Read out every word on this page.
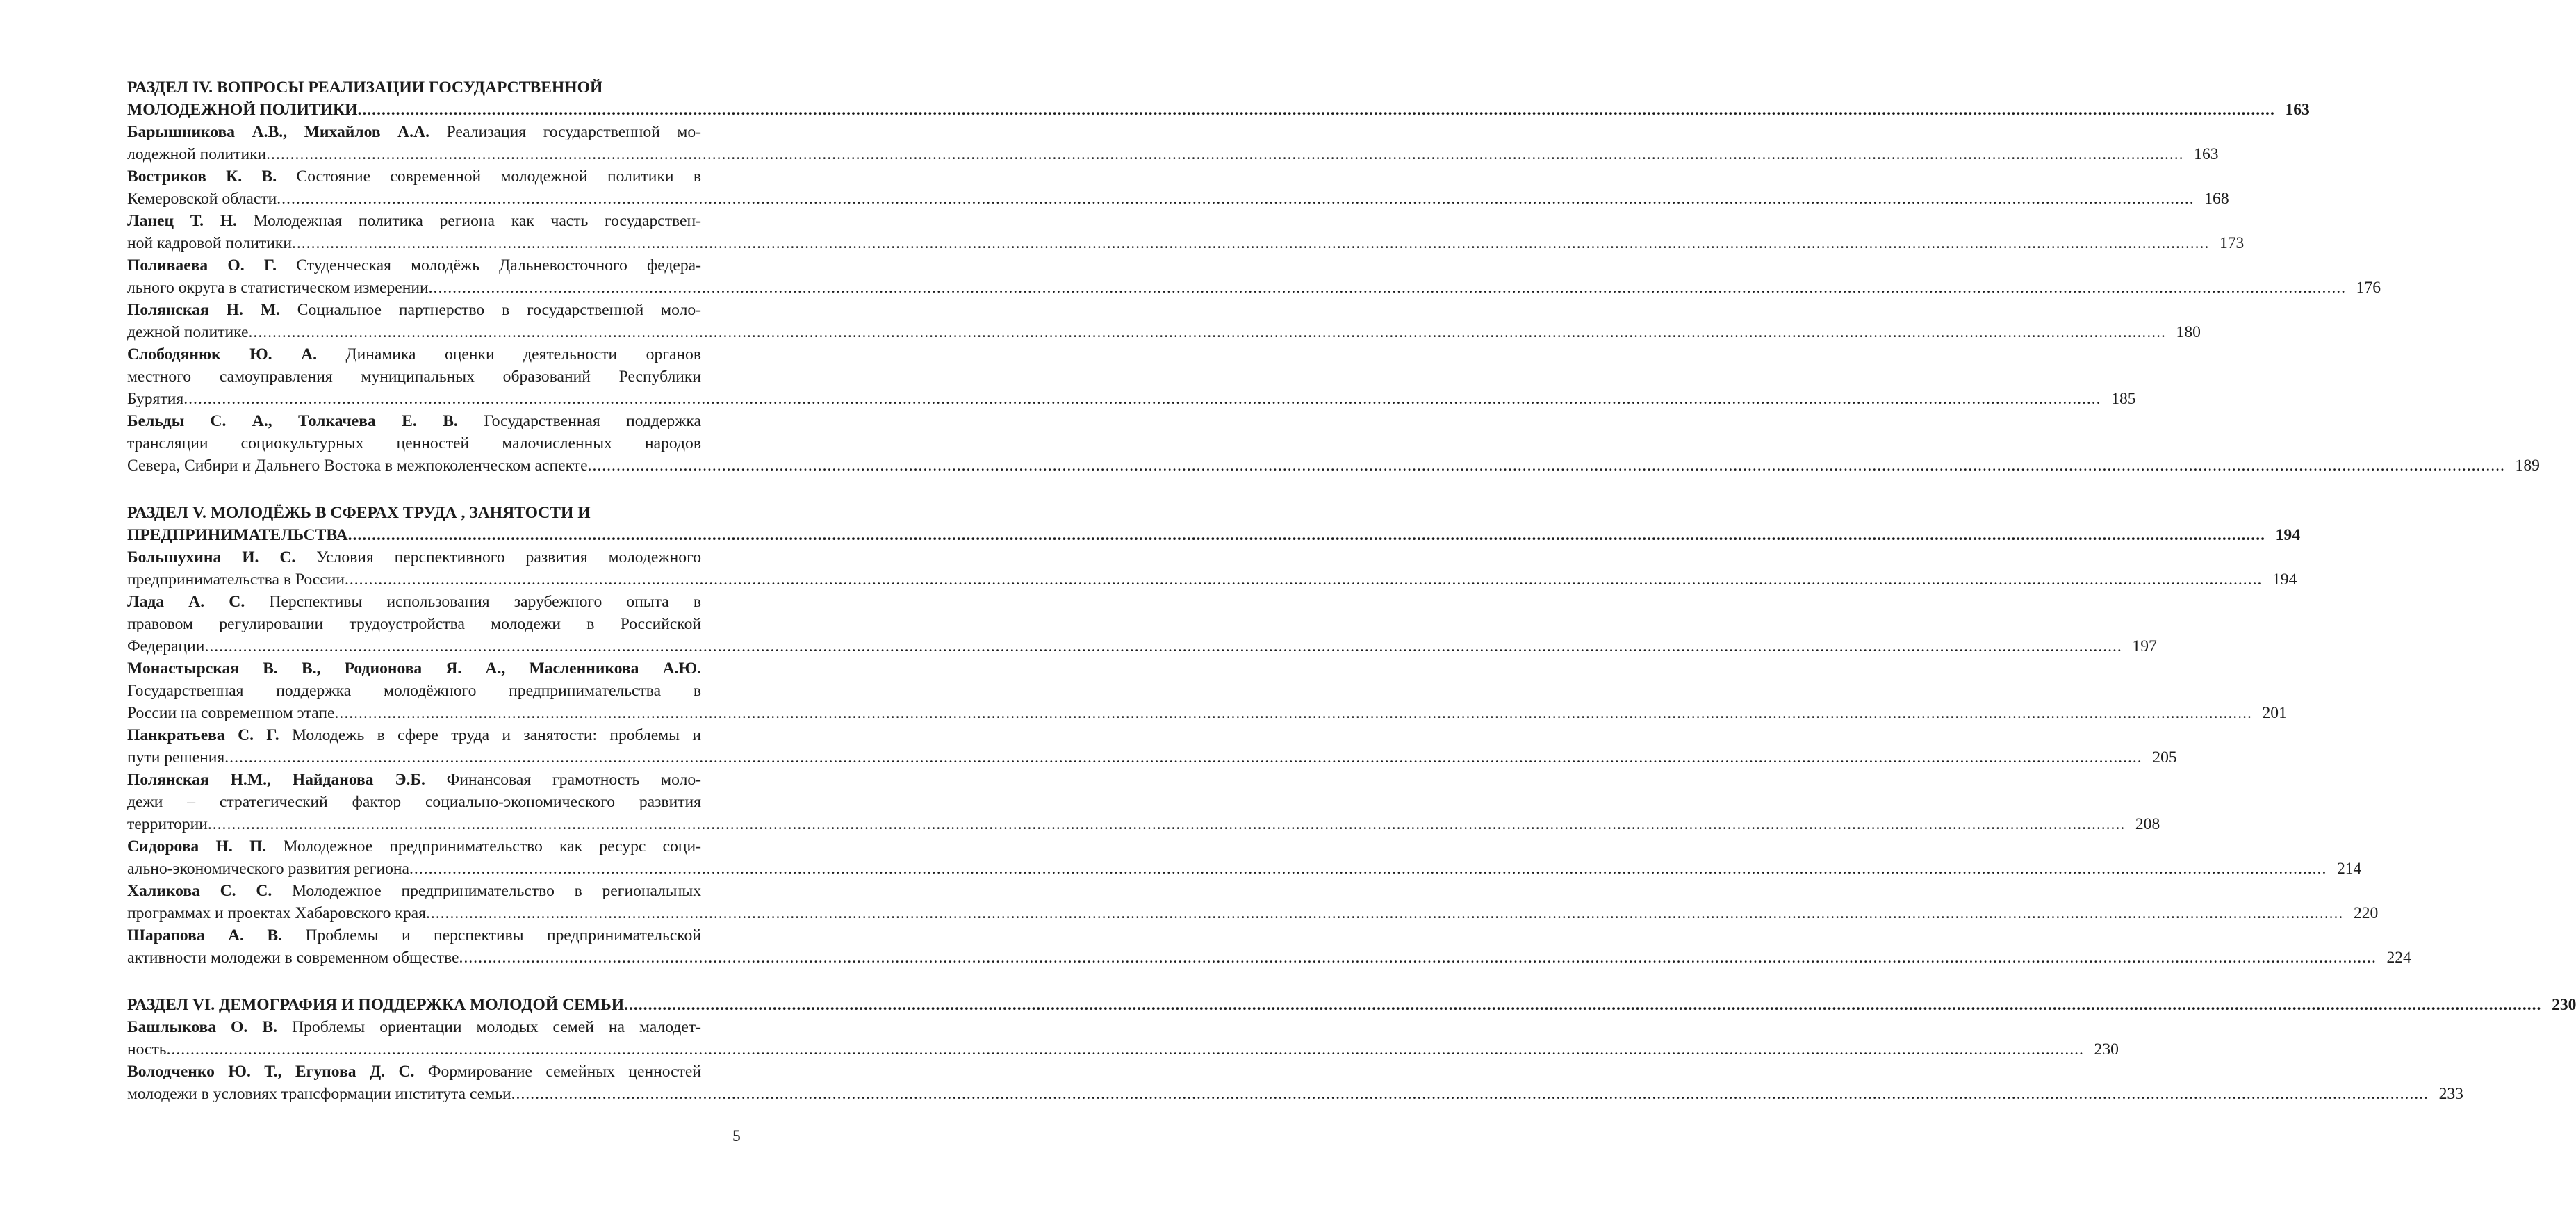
РАЗДЕЛ IV. ВОПРОСЫ РЕАЛИЗАЦИИ ГОСУДАРСТВЕННОЙ
МОЛОДЕЖНОЙ ПОЛИТИКИ ................................................................................................................................................................................................................................................................................................................................................................................................................ 163
Барышникова А.В., Михайлов А.А. Реализация государственной мо-
лодежной политики ................................................................................................................................................................................................................................................................................................................................................................................................................ 163
Востриков К. В. Состояние современной молодежной политики в
Кемеровской области ................................................................................................................................................................................................................................................................................................................................................................................................................ 168
Ланец Т. Н. Молодежная политика региона как часть государствен-
ной кадровой политики ................................................................................................................................................................................................................................................................................................................................................................................................................ 173
Поливаева О. Г. Студенческая молодёжь Дальневосточного федера-
льного округа в статистическом измерении ................................................................................................................................................................................................................................................................................................................................................................................................................ 176
Полянская Н. М. Социальное партнерство в государственной моло-
дежной политике ................................................................................................................................................................................................................................................................................................................................................................................................................ 180
Слободянюк Ю. А. Динамика оценки деятельности органов
местного самоуправления муниципальных образований Республики
Бурятия ................................................................................................................................................................................................................................................................................................................................................................................................................ 185
Бельды С. А., Толкачева Е. В. Государственная поддержка
трансляции социокультурных ценностей малочисленных народов
Севера, Сибири и Дальнего Востока в межпоколенческом аспекте ................................................................................................................................................................................................................................................................................................................................................................................................................ 189
РАЗДЕЛ V. МОЛОДЁЖЬ В СФЕРАХ ТРУДА , ЗАНЯТОСТИ И
ПРЕДПРИНИМАТЕЛЬСТВА ................................................................................................................................................................................................................................................................................................................................................................................................................ 194
Большухина И. С. Условия перспективного развития молодежного
предпринимательства в России ................................................................................................................................................................................................................................................................................................................................................................................................................ 194
Лада А. С. Перспективы использования зарубежного опыта в
правовом регулировании трудоустройства молодежи в Российской
Федерации ................................................................................................................................................................................................................................................................................................................................................................................................................ 197
Монастырская В. В., Родионова Я. А., Масленникова А.Ю.
Государственная поддержка молодёжного предпринимательства в
России на современном этапе ................................................................................................................................................................................................................................................................................................................................................................................................................ 201
Панкратьева С. Г. Молодежь в сфере труда и занятости: проблемы и
пути решения ................................................................................................................................................................................................................................................................................................................................................................................................................ 205
Полянская Н.М., Найданова Э.Б. Финансовая грамотность моло-
дежи – стратегический фактор социально-экономического развития
территории ................................................................................................................................................................................................................................................................................................................................................................................................................ 208
Сидорова Н. П. Молодежное предпринимательство как ресурс соци-
ально-экономического развития региона ................................................................................................................................................................................................................................................................................................................................................................................................................ 214
Халикова С. С. Молодежное предпринимательство в региональных
программах и проектах Хабаровского края ................................................................................................................................................................................................................................................................................................................................................................................................................ 220
Шарапова А. В. Проблемы и перспективы предпринимательской
активности молодежи в современном обществе ................................................................................................................................................................................................................................................................................................................................................................................................................ 224
РАЗДЕЛ VI. ДЕМОГРАФИЯ И ПОДДЕРЖКА МОЛОДОЙ СЕМЬИ ................................................................................................................................................................................................................................................................................................................................................................................................................ 230
Башлыкова О. В. Проблемы ориентации молодых семей на малодет-
ность ................................................................................................................................................................................................................................................................................................................................................................................................................ 230
Володченко Ю. Т., Егупова Д. С. Формирование семейных ценностей
молодежи в условиях трансформации института семьи ................................................................................................................................................................................................................................................................................................................................................................................................................ 233
5
